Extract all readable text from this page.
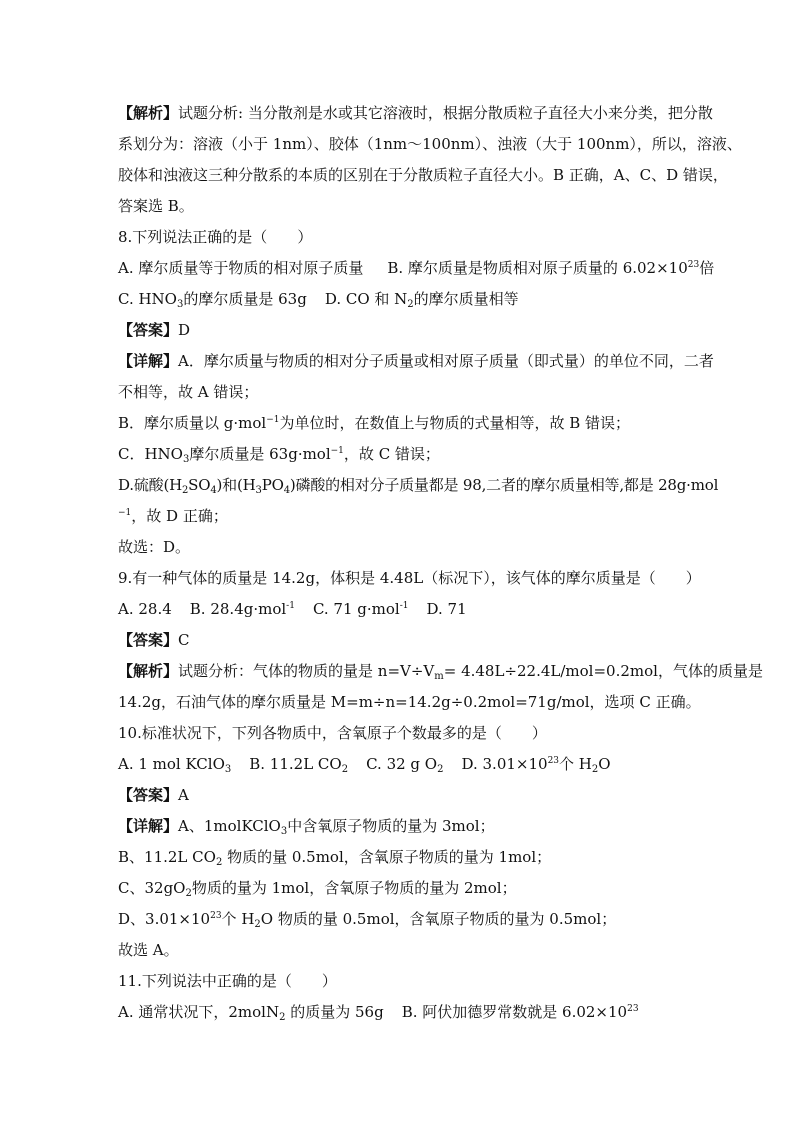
【解析】试题分析: 当分散剂是水或其它溶液时，根据分散质粒子直径大小来分类，把分散
系划分为：溶液（小于 1nm）、胶体（1nm～100nm）、浊液（大于 100nm），所以，溶液、
胶体和浊液这三种分散系的本质的区别在于分散质粒子直径大小。B 正确，A、C、D 错误，
答案选 B。
8.下列说法正确的是（　　）
A. 摩尔质量等于物质的相对原子质量 B. 摩尔质量是物质相对原子质量的 $6.02\times 10^{23}$倍
C. $HNO_3$的摩尔质量是 63g D. CO 和 $N_2$的摩尔质量相等
【答案】D
【详解】A．摩尔质量与物质的相对分子质量或相对原子质量（即式量）的单位不同，二者
不相等，故 A 错误；
B．摩尔质量以 g·mol$^{-1}$为单位时，在数值上与物质的式量相等，故 B 错误；
C．$HNO_3$摩尔质量是 63g·mol$^{-1}$，故 C 错误；
D.硫酸$(H_2SO_4)$和$(H_3PO_4)$磷酸的相对分子质量都是 98,二者的摩尔质量相等,都是 28g·mol
$^{-1}$，故 D 正确；
故选：D。
9.有一种气体的质量是 14.2g，体积是 4.48L（标况下），该气体的摩尔质量是（　　）
A. 28.4 B. 28.4g·mol$^{-1}$ C. 71 g·mol$^{-1}$ D. 71
【答案】C
【解析】试题分析：气体的物质的量是 $n=V\div V_m= 4.48L\div 22.4L/mol=0.2mol$，气体的质量是
14.2g，石油气体的摩尔质量是 M=m÷n=14.2g÷0.2mol=71g/mol，选项 C 正确。
10.标准状况下，下列各物质中，含氧原子个数最多的是（　　）
A. 1 mol KClO$_3$ B. 11.2L $CO_2$ C. 32 g $O_2$ D. $3.01\times 10^{23}$个 $H_2O$
【答案】A
【详解】A、1molKClO$_3$中含氧原子物质的量为 3mol；
B、11.2L $CO_2$ 物质的量 0.5mol，含氧原子物质的量为 1mol；
C、$32gO_2$物质的量为 1mol，含氧原子物质的量为 2mol；
D、$3.01\times 10^{23}$个 $H_2O$ 物质的量 0.5mol，含氧原子物质的量为 0.5mol；
故选 A。
11.下列说法中正确的是（　　）
A. 通常状况下，2molN$_2$ 的质量为 56g B. 阿伏加德罗常数就是 $6.02\times 10^{23}$
